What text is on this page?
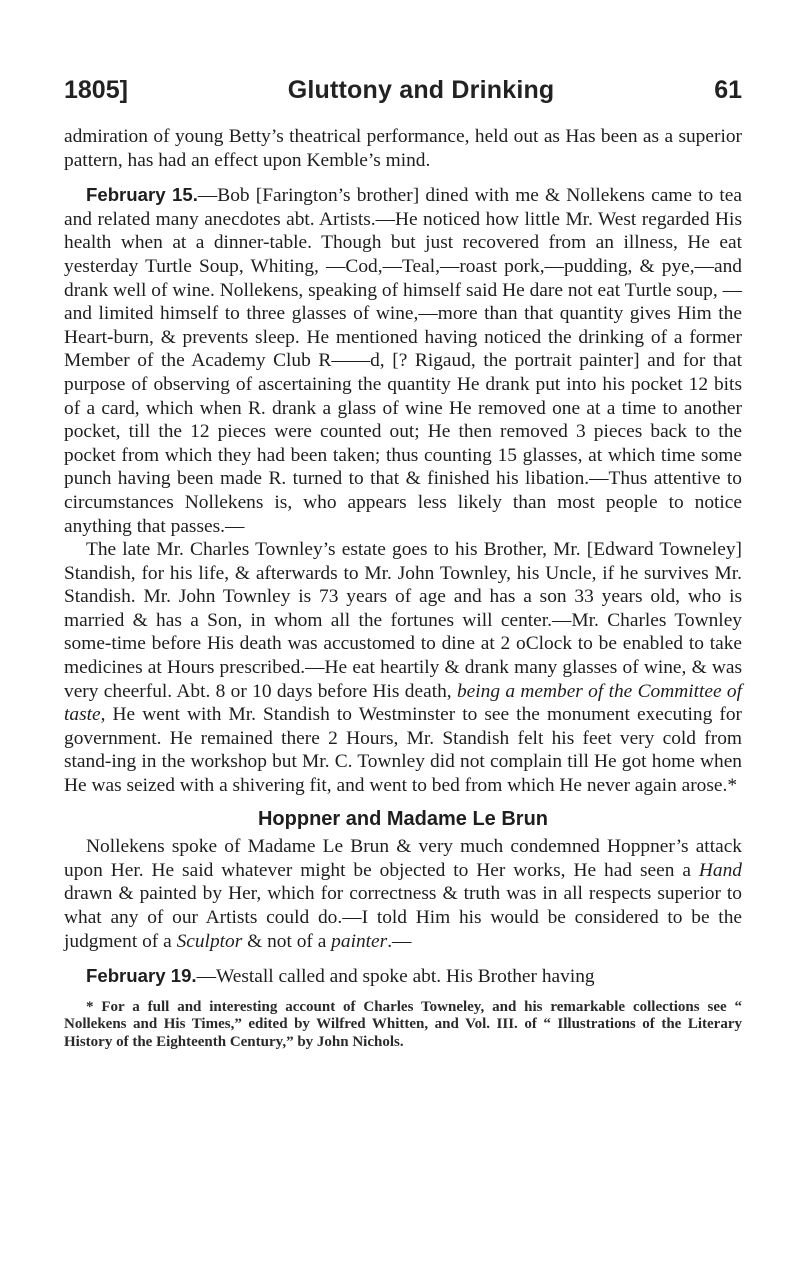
1805]	Gluttony and Drinking	61

admiration of young Betty’s theatrical performance, held out as Has been as a superior pattern, has had an effect upon Kemble’s mind.

February 15.—Bob [Farington’s brother] dined with me & Nollekens came to tea and related many anecdotes abt. Artists.—He noticed how little Mr. West regarded His health when at a dinner-table. Though but just recovered from an illness, He eat yesterday Turtle Soup, Whiting, —Cod,—Teal,—roast pork,—pudding, & pye,—and drank well of wine. Nollekens, speaking of himself said He dare not eat Turtle soup, —and limited himself to three glasses of wine,—more than that quantity gives Him the Heart-burn, & prevents sleep. He mentioned having noticed the drinking of a former Member of the Academy Club R——d, [? Rigaud, the portrait painter] and for that purpose of observing of ascertaining the quantity He drank put into his pocket 12 bits of a card, which when R. drank a glass of wine He removed one at a time to another pocket, till the 12 pieces were counted out; He then removed 3 pieces back to the pocket from which they had been taken; thus counting 15 glasses, at which time some punch having been made R. turned to that & finished his libation.—Thus attentive to circumstances Nollekens is, who appears less likely than most people to notice anything that passes.—

The late Mr. Charles Townley’s estate goes to his Brother, Mr. [Edward Towneley] Standish, for his life, & afterwards to Mr. John Townley, his Uncle, if he survives Mr. Standish. Mr. John Townley is 73 years of age and has a son 33 years old, who is married & has a Son, in whom all the fortunes will center.—Mr. Charles Townley some-time before His death was accustomed to dine at 2 oClock to be enabled to take medicines at Hours prescribed.—He eat heartily & drank many glasses of wine, & was very cheerful. Abt. 8 or 10 days before His death, being a member of the Committee of taste, He went with Mr. Standish to Westminster to see the monument executing for government. He remained there 2 Hours, Mr. Standish felt his feet very cold from stand-ing in the workshop but Mr. C. Townley did not complain till He got home when He was seized with a shivering fit, and went to bed from which He never again arose.*

Hoppner and Madame Le Brun

Nollekens spoke of Madame Le Brun & very much condemned Hoppner’s attack upon Her. He said whatever might be objected to Her works, He had seen a Hand drawn & painted by Her, which for correctness & truth was in all respects superior to what any of our Artists could do.—I told Him his would be considered to be the judgment of a Sculptor & not of a painter.—

February 19.—Westall called and spoke abt. His Brother having

* For a full and interesting account of Charles Towneley, and his remarkable collections see “ Nollekens and His Times,” edited by Wilfred Whitten, and Vol. III. of “ Illustrations of the Literary History of the Eighteenth Century,” by John Nichols.
